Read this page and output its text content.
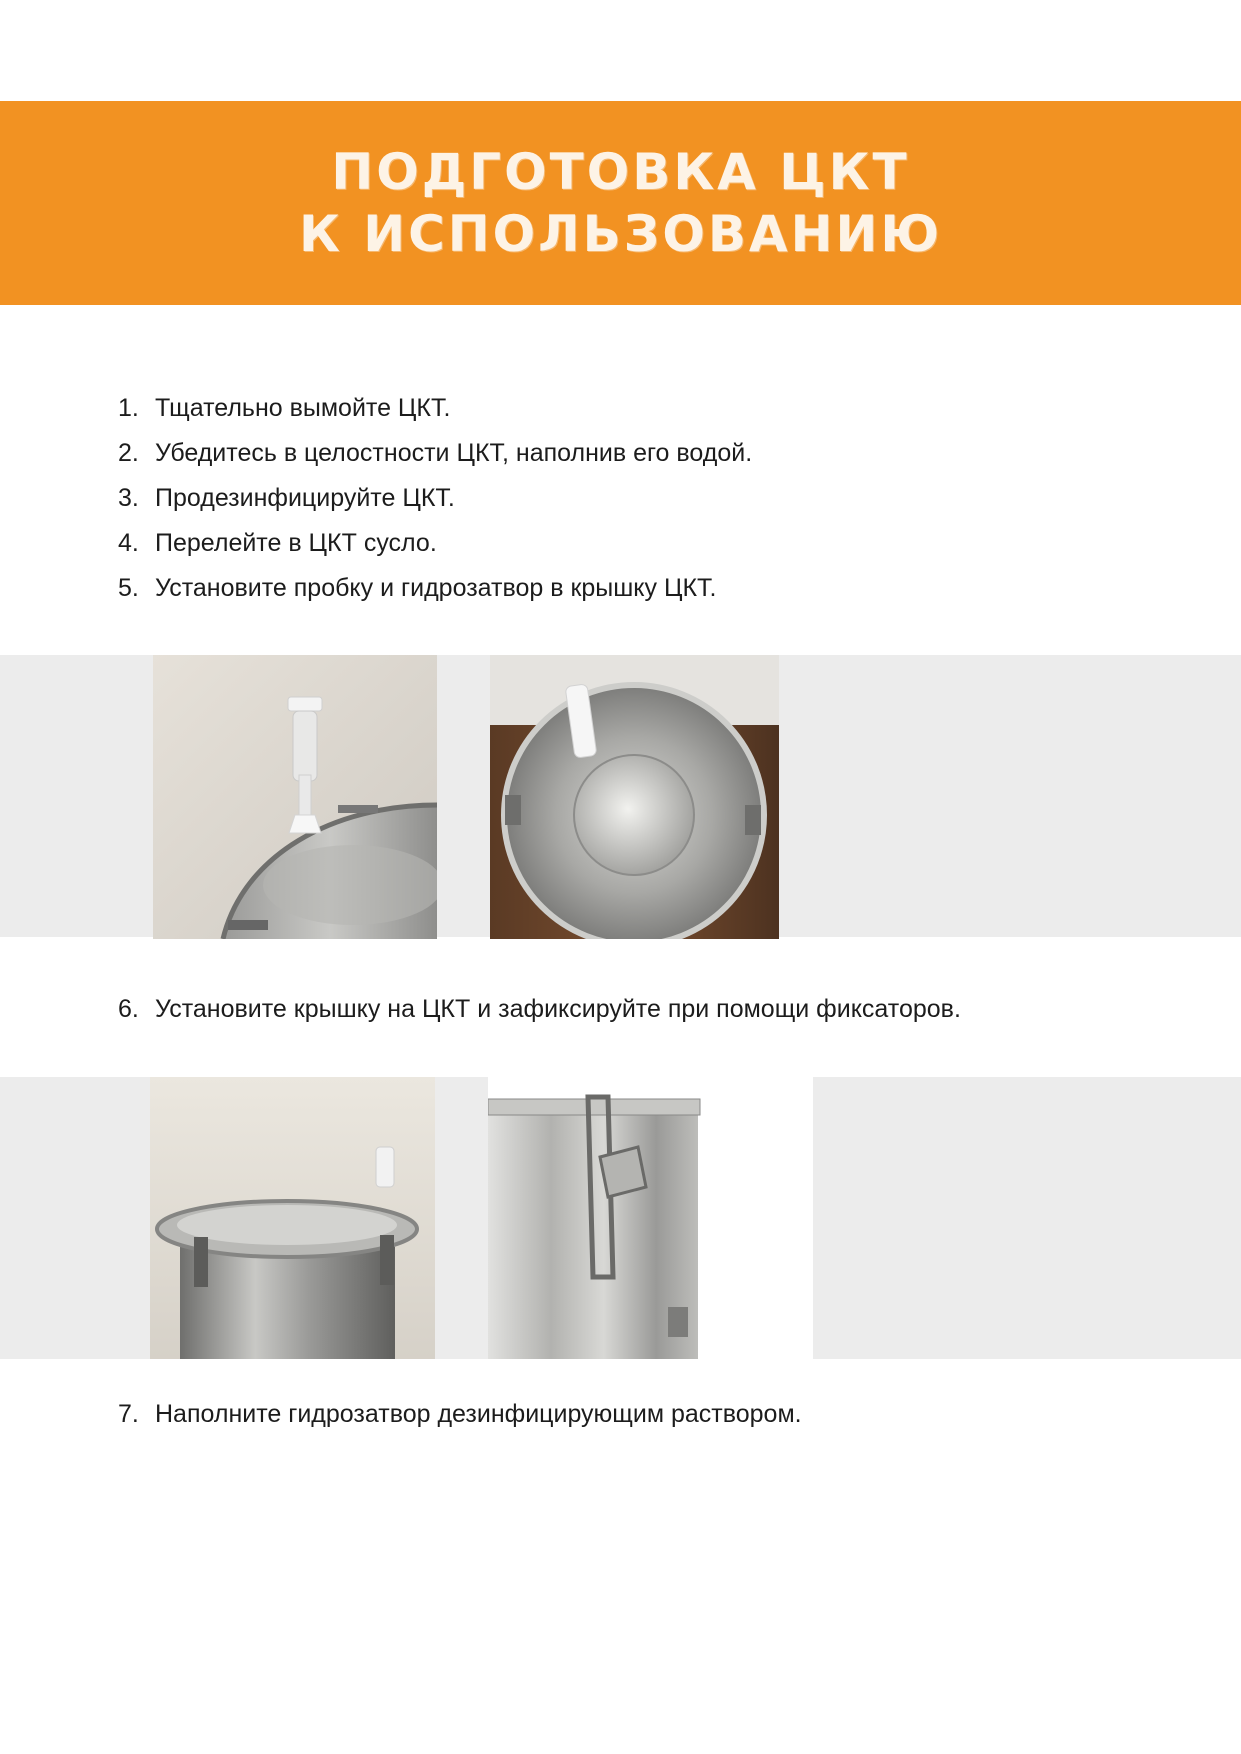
ПОДГОТОВКА ЦКТ
К ИСПОЛЬЗОВАНИЮ
1. Тщательно вымойте ЦКТ.
2. Убедитесь в целостности ЦКТ, наполнив его водой.
3. Продезинфицируйте ЦКТ.
4. Перелейте в ЦКТ сусло.
5. Установите пробку и гидрозатвор в крышку ЦКТ.
6. Установите крышку на ЦКТ и зафиксируйте при помощи фиксаторов.
7. Наполните гидрозатвор дезинфицирующим раствором.
